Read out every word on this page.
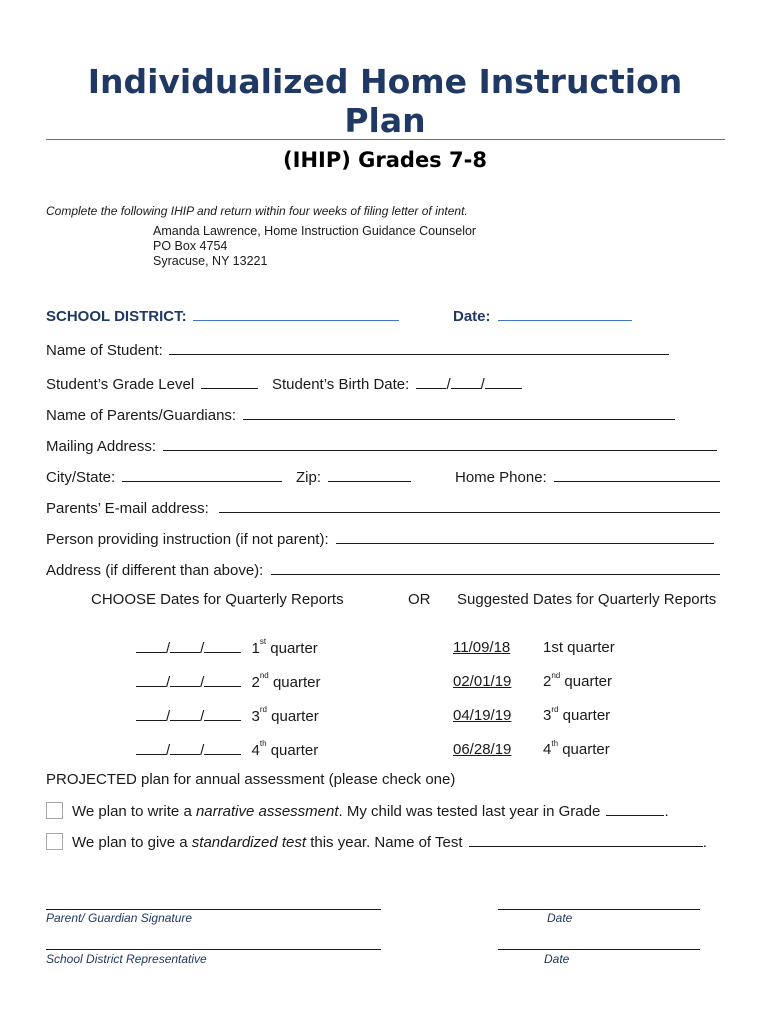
Individualized Home Instruction
Plan
(IHIP) Grades 7-8
Complete the following IHIP and return within four weeks of filing letter of intent.
Amanda Lawrence, Home Instruction Guidance Counselor
PO Box 4754
Syracuse, NY 13221
SCHOOL DISTRICT:	Date:
Name of Student:
Student’s Grade Level	Student’s Birth Date: / /
Name of Parents/Guardians:
Mailing Address:
City/State:	Zip:	Home Phone:
Parents’ E-mail address:
Person providing instruction (if not parent):
Address (if different than above):
CHOOSE Dates for Quarterly Reports	OR Suggested Dates for Quarterly Reports
/ /	1st quarter	11/09/18 1st quarter
/ /	2nd quarter	02/01/19 2nd quarter
/ /	3rd quarter	04/19/19 3rd quarter
/ /	4th quarter	06/28/19 4th quarter
PROJECTED plan for annual assessment (please check one)
We plan to write a narrative assessment. My child was tested last year in Grade	.
We plan to give a standardized test this year. Name of Test	.
Parent/ Guardian Signature	Date
School District Representative	Date
